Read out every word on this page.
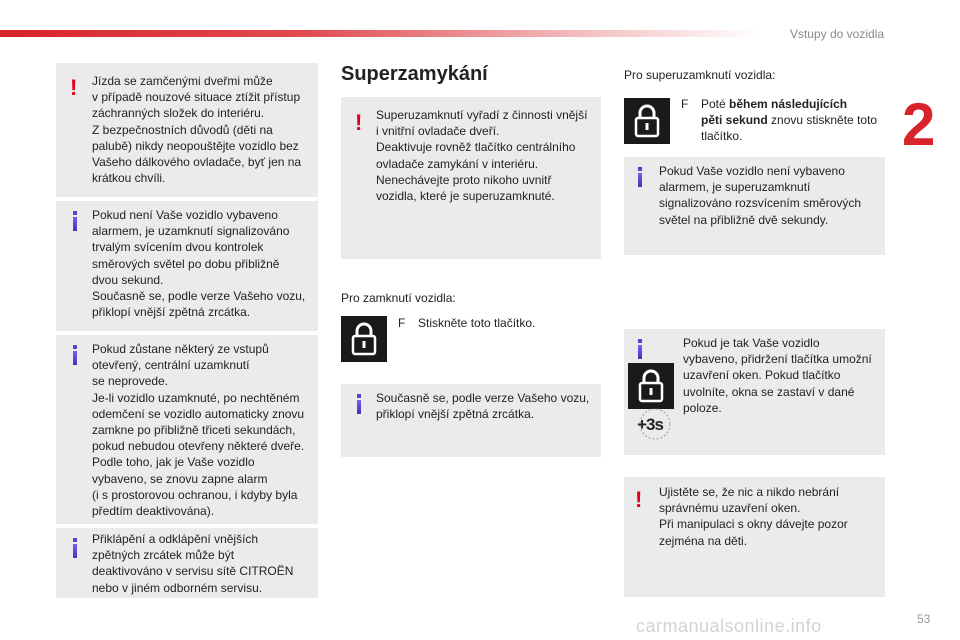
Vstupy do vozidla
2
! Jízda se zamčenými dveřmi může
v případě nouzové situace ztížit přístup
záchranných složek do interiéru.
Z bezpečnostních důvodů (děti na
palubě) nikdy neopouštějte vozidlo bez
Vašeho dálkového ovladače, byť jen na
krátkou chvíli.
Pokud není Vaše vozidlo vybaveno
alarmem, je uzamknutí signalizováno
trvalým svícením dvou kontrolek
směrových světel po dobu přibližně
dvou sekund.
Současně se, podle verze Vašeho vozu,
přiklopí vnější zpětná zrcátka.
Pokud zůstane některý ze vstupů
otevřený, centrální uzamknutí
se neprovede.
Je-li vozidlo uzamknuté, po nechtěném
odemčení se vozidlo automaticky znovu
zamkne po přibližně třiceti sekundách,
pokud nebudou otevřeny některé dveře.
Podle toho, jak je Vaše vozidlo
vybaveno, se znovu zapne alarm
(i s prostorovou ochranou, i kdyby byla
předtím deaktivována).
Přiklápění a odklápění vnějších
zpětných zrcátek může být
deaktivováno v servisu sítě CITROËN
nebo v jiném odborném servisu.
Superzamykání
! Superuzamknutí vyřadí z činnosti vnější
i vnitřní ovladače dveří.
Deaktivuje rovněž tlačítko centrálního
ovladače zamykání v interiéru.
Nenechávejte proto nikoho uvnitř
vozidla, které je superuzamknuté.
Pro zamknutí vozidla:
F Stiskněte toto tlačítko.
Současně se, podle verze Vašeho vozu,
přiklopí vnější zpětná zrcátka.
Pro superuzamknutí vozidla:
F Poté během následujících
pěti sekund znovu stiskněte toto
tlačítko.
Pokud Vaše vozidlo není vybaveno
alarmem, je superuzamknutí
signalizováno rozsvícením směrových
světel na přibližně dvě sekundy.
Pokud je tak Vaše vozidlo
vybaveno, přidržení tlačítka umožní
uzavření oken. Pokud tlačítko
uvolníte, okna se zastaví v dané
poloze.
+3s
! Ujistěte se, že nic a nikdo nebrání
správnému uzavření oken.
Při manipulaci s okny dávejte pozor
zejména na děti.
carmanualsonline.info	53
